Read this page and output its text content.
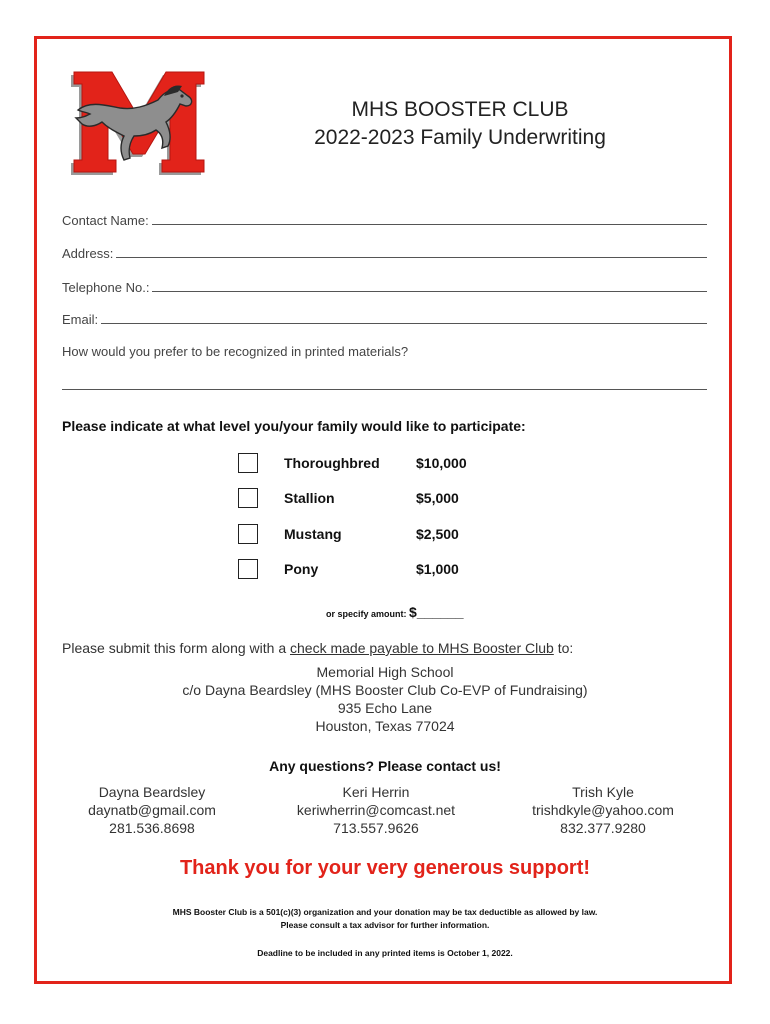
MHS BOOSTER CLUB
2022-2023 Family Underwriting
Contact Name:
Address:
Telephone No.:
Email:
How would you prefer to be recognized in printed materials?
Please indicate at what level you/your family would like to participate:
Thoroughbred	$10,000
Stallion	$5,000
Mustang	$2,500
Pony	$1,000
or specify amount: $______
Please submit this form along with a check made payable to MHS Booster Club to:
Memorial High School
c/o Dayna Beardsley (MHS Booster Club Co-EVP of Fundraising)
935 Echo Lane
Houston, Texas 77024
Any questions? Please contact us!
Dayna Beardsley
daynatb@gmail.com
281.536.8698
Keri Herrin
keriwherrin@comcast.net
713.557.9626
Trish Kyle
trishdkyle@yahoo.com
832.377.9280
Thank you for your very generous support!
MHS Booster Club is a 501(c)(3) organization and your donation may be tax deductible as allowed by law.
Please consult a tax advisor for further information.
Deadline to be included in any printed items is October 1, 2022.
